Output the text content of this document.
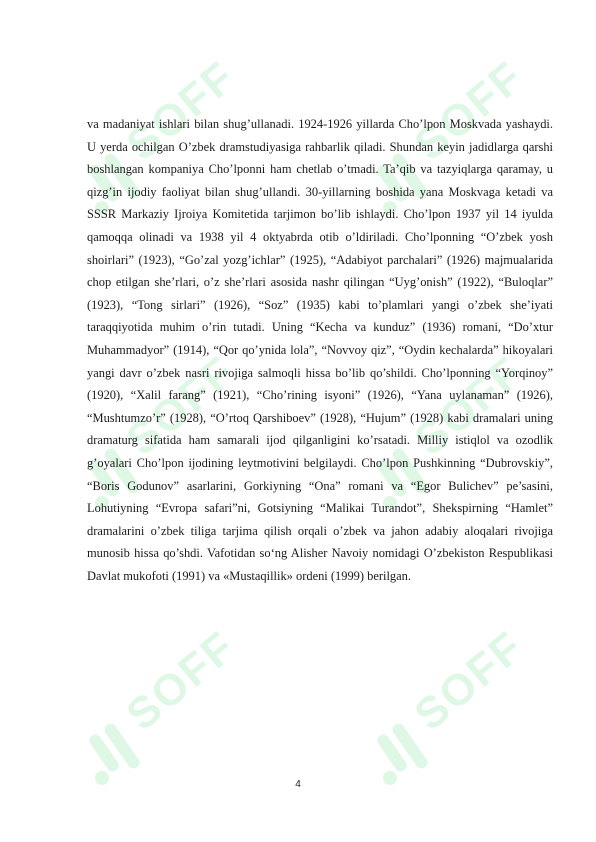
va madaniyat ishlari bilan shug’ullanadi. 1924-1926 yillarda Cho’lpon Moskvada yashaydi. U yerda ochilgan O’zbek dramstudiyasiga rahbarlik qiladi. Shundan keyin jadidlarga qarshi boshlangan kompaniya Cho’lponni ham chetlab o’tmadi. Ta’qib va tazyiqlarga qaramay, u qizg’in ijodiy faoliyat bilan shug’ullandi. 30-yillarning boshida yana Moskvaga ketadi va SSSR Markaziy Ijroiya Komitetida tarjimon bo’lib ishlaydi. Cho’lpon 1937 yil 14 iyulda qamoqqa olinadi va 1938 yil 4 oktyabrda otib o’ldiriladi. Cho’lponning “O’zbek yosh shoirlari” (1923), “Go’zal yozg’ichlar” (1925), “Adabiyot parchalari” (1926) majmualarida chop etilgan she’rlari, o’z she’rlari asosida nashr qilingan “Uyg’onish” (1922), “Buloqlar” (1923), “Tong sirlari” (1926), “Soz” (1935) kabi to’plamlari yangi o’zbek she’iyati taraqqiyotida muhim o’rin tutadi. Uning “Kecha va kunduz” (1936) romani, “Do’xtur Muhammadyor” (1914), “Qor qo’ynida lola”, “Novvoy qiz”, “Oydin kechalarda” hikoyalari yangi davr o’zbek nasri rivojiga salmoqli hissa bo’lib qo’shildi. Cho’lponning “Yorqinoy” (1920), “Xalil farang” (1921), “Cho’rining isyoni” (1926), “Yana uylanaman” (1926), “Mushtumzo’r” (1928), “O’rtoq Qarshiboev” (1928), “Hujum” (1928) kabi dramalari uning dramaturg sifatida ham samarali ijod qilganligini ko’rsatadi. Milliy istiqlol va ozodlik g’oyalari Cho’lpon ijodining leytmotivini belgilaydi. Cho’lpon Pushkinning “Dubrovskiy”, “Boris Godunov” asarlarini, Gorkiyning “Ona” romani va “Egor Bulichev” pe’sasini, Lohutiyning “Evropa safari”ni, Gotsiyning “Malikai Turandot”, Shekspirning “Hamlet” dramalarini o’zbek tiliga tarjima qilish orqali o’zbek va jahon adabiy aloqalari rivojiga munosib hissa qo’shdi. Vafotidan so‘ng Alisher Navoiy nomidagi O’zbekiston Respublikasi Davlat mukofoti (1991) va «Mustaqillik» ordeni (1999) berilgan.

4
